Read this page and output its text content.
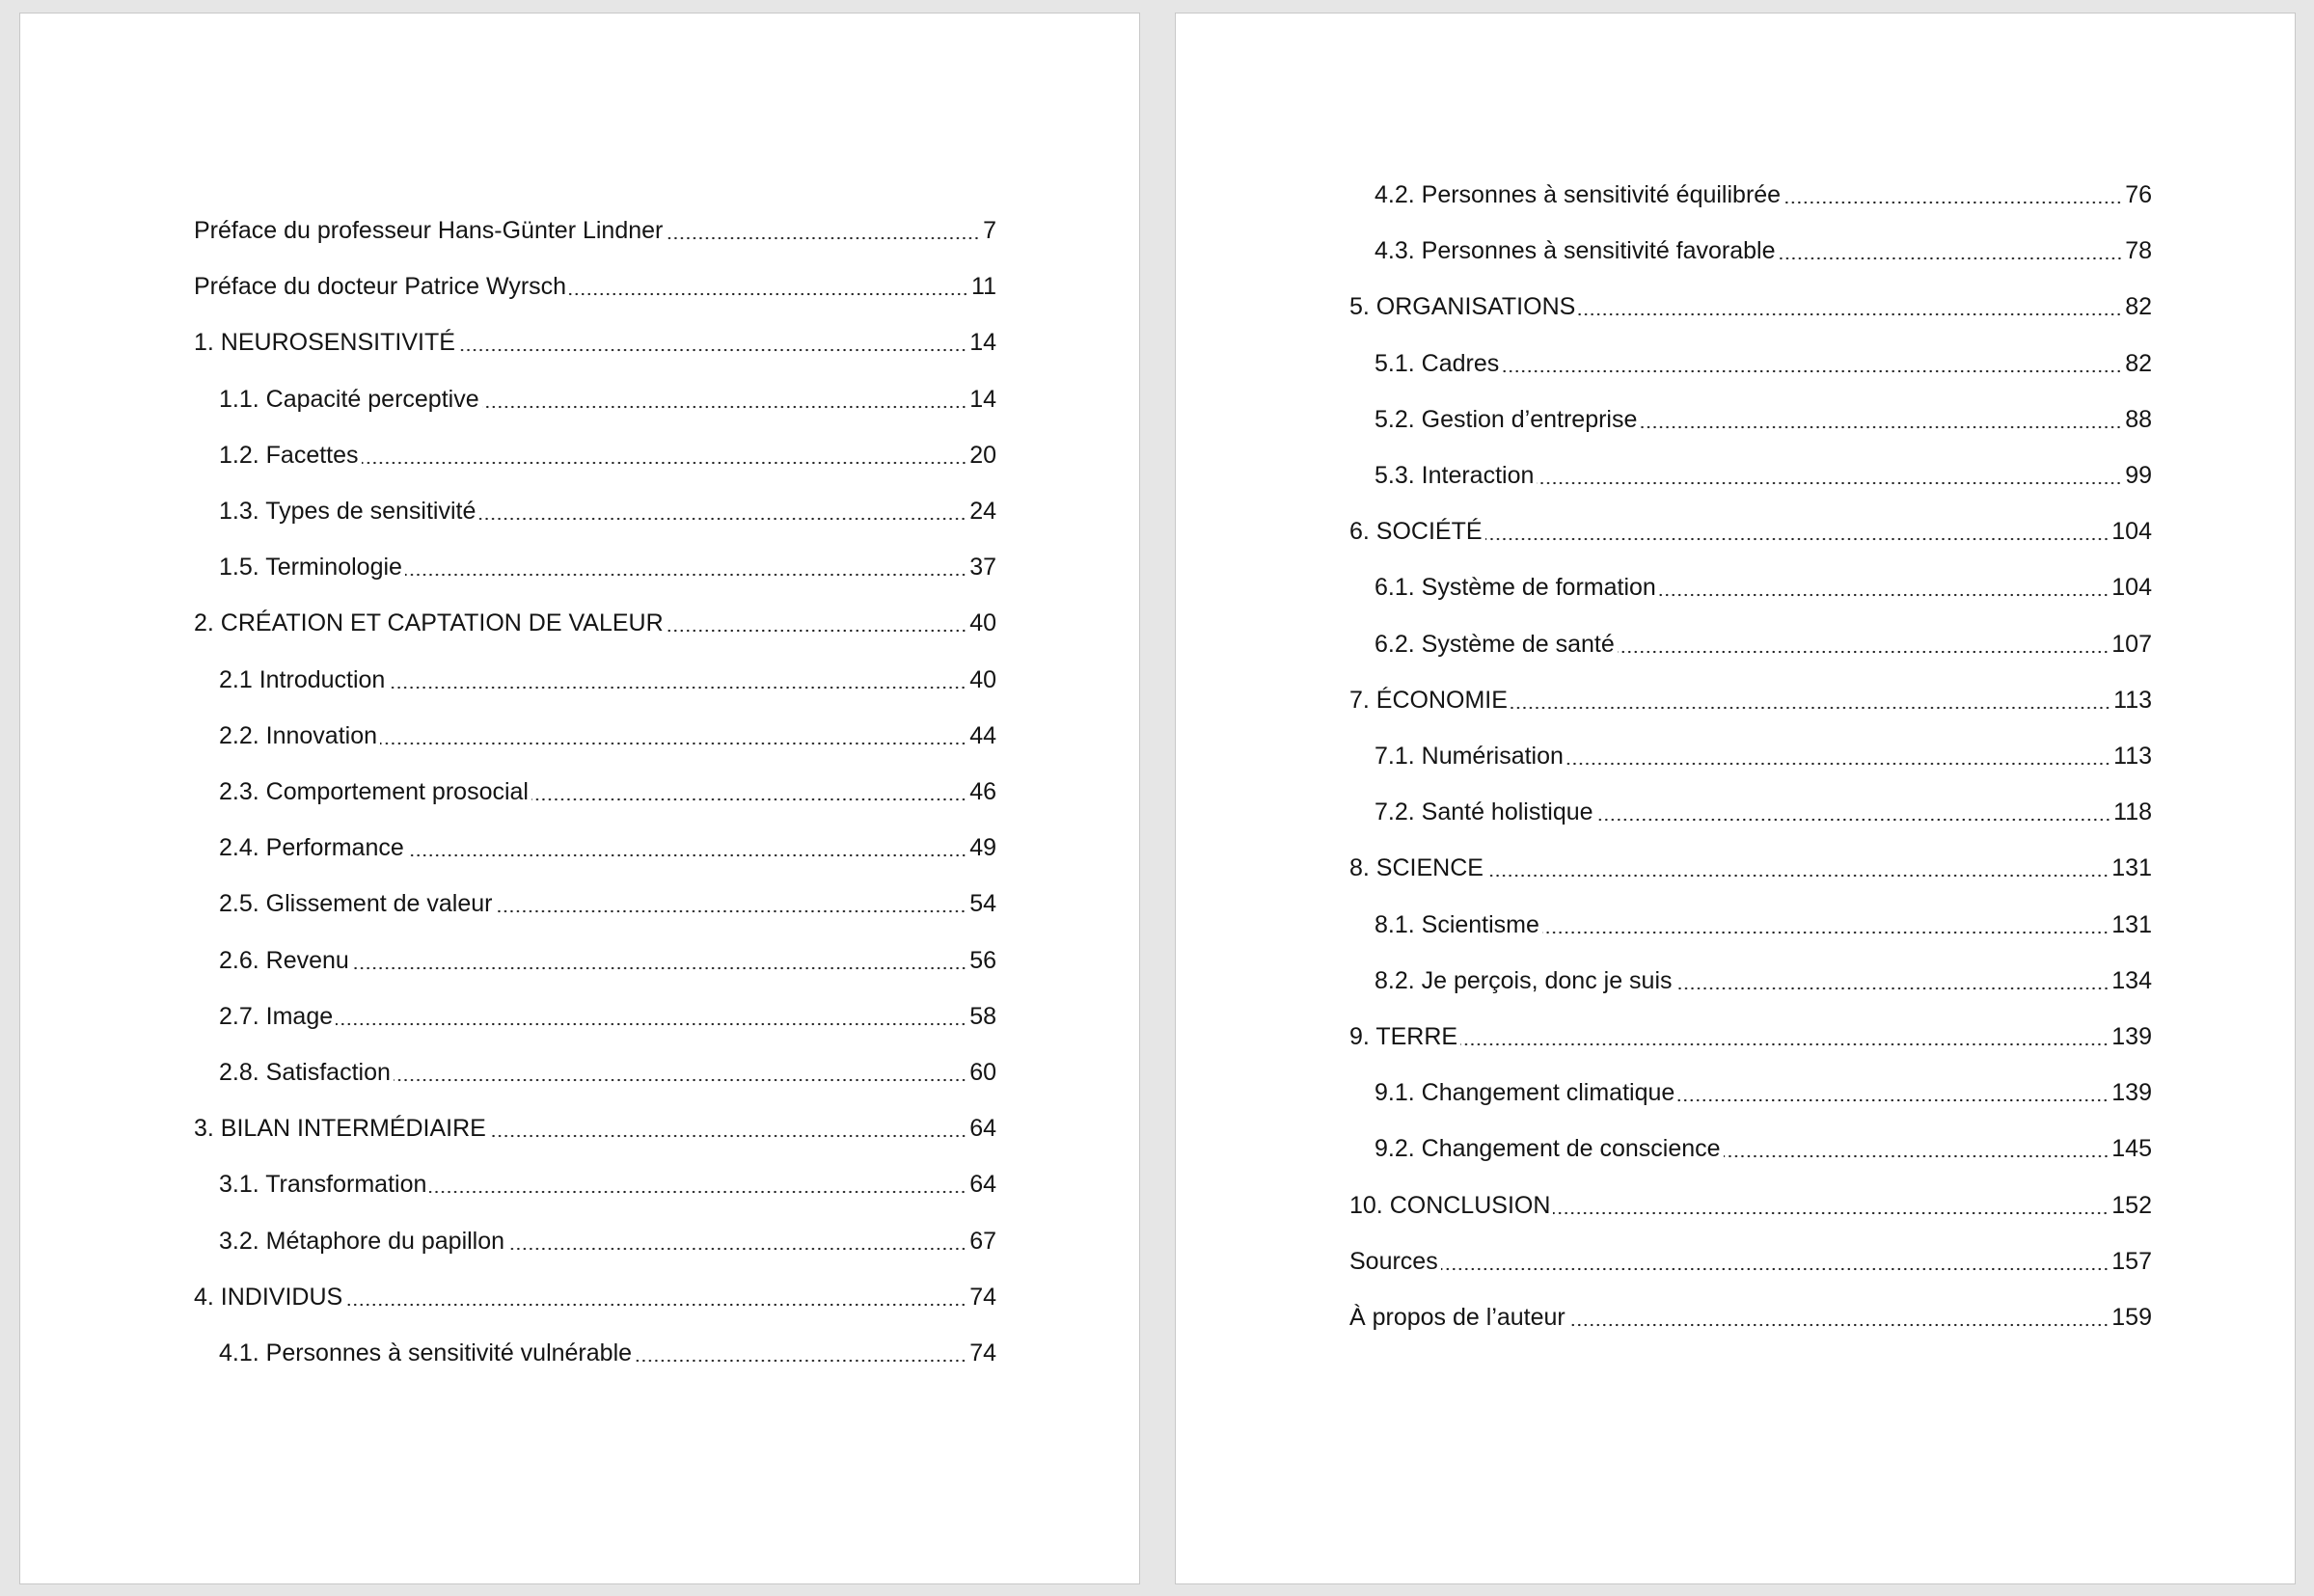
Préface du professeur Hans-Günter Lindner	7
Préface du docteur Patrice Wyrsch	11
1. NEUROSENSITIVITÉ	14
1.1. Capacité perceptive	14
1.2. Facettes	20
1.3. Types de sensitivité	24
1.5. Terminologie	37
2. CRÉATION ET CAPTATION DE VALEUR	40
2.1 Introduction	40
2.2. Innovation	44
2.3. Comportement prosocial	46
2.4. Performance	49
2.5. Glissement de valeur	54
2.6. Revenu	56
2.7. Image	58
2.8. Satisfaction	60
3. BILAN INTERMÉDIAIRE	64
3.1. Transformation	64
3.2. Métaphore du papillon	67
4. INDIVIDUS	74
4.1. Personnes à sensitivité vulnérable	74
4.2. Personnes à sensitivité équilibrée	76
4.3. Personnes à sensitivité favorable	78
5. ORGANISATIONS	82
5.1. Cadres	82
5.2. Gestion d’entreprise	88
5.3. Interaction	99
6. SOCIÉTÉ	104
6.1. Système de formation	104
6.2. Système de santé	107
7. ÉCONOMIE	113
7.1. Numérisation	113
7.2. Santé holistique	118
8. SCIENCE	131
8.1. Scientisme	131
8.2. Je perçois, donc je suis	134
9. TERRE	139
9.1. Changement climatique	139
9.2. Changement de conscience	145
10. CONCLUSION	152
Sources	157
À propos de l’auteur	159
